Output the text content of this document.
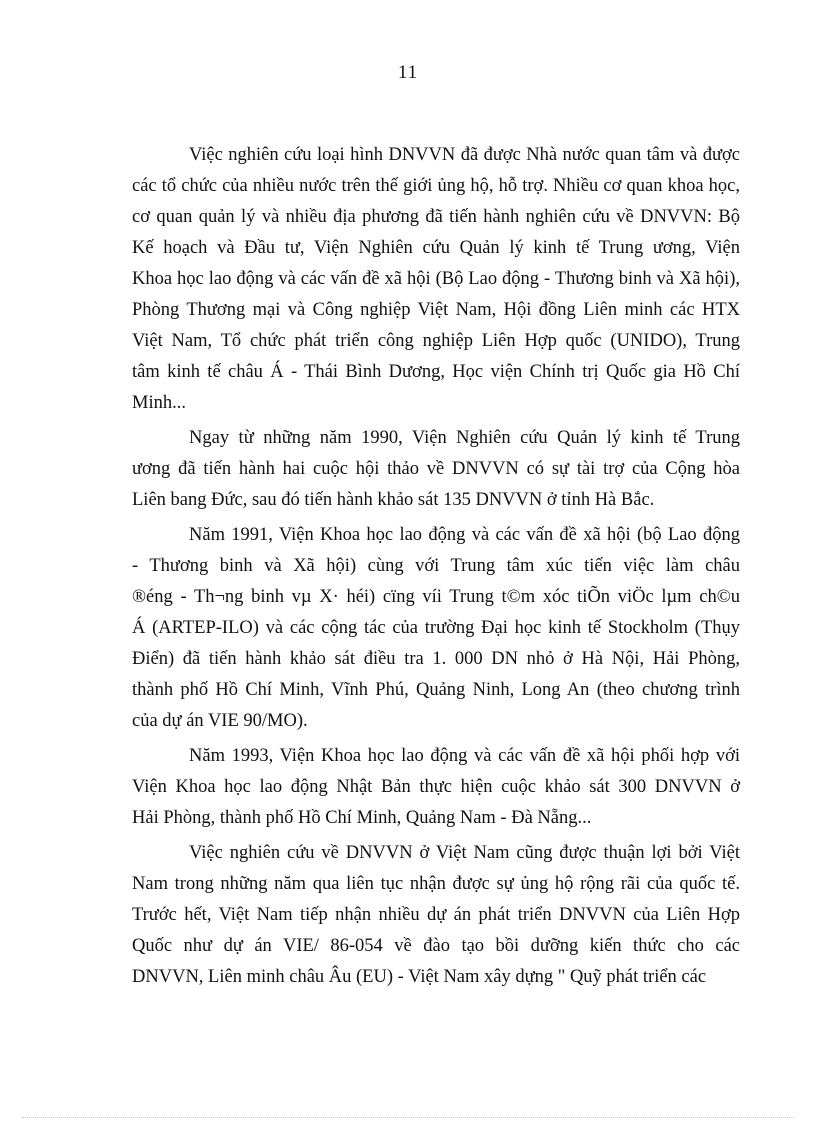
11

Việc nghiên cứu loại hình DNVVN đã được Nhà nước quan tâm và được
các tổ chức của nhiều nước trên thế giới ủng hộ, hỗ trợ. Nhiều cơ quan khoa học,
cơ quan quản lý và nhiều địa phương đã tiến hành nghiên cứu về DNVVN: Bộ
Kế hoạch và Đầu tư, Viện Nghiên cứu Quản lý kinh tế Trung ương, Viện
Khoa học lao động và các vấn đề xã hội (Bộ Lao động - Thương binh và Xã hội),
Phòng Thương mại và Công nghiệp Việt Nam, Hội đồng Liên minh các HTX
Việt Nam, Tổ chức phát triển công nghiệp Liên Hợp quốc (UNIDO), Trung
tâm kinh tế châu Á - Thái Bình Dương, Học viện Chính trị Quốc gia Hồ Chí
Minh...

Ngay từ những năm 1990, Viện Nghiên cứu Quản lý kinh tế Trung
ương đã tiến hành hai cuộc hội thảo về DNVVN có sự tài trợ của Cộng hòa
Liên bang Đức, sau đó tiến hành khảo sát 135 DNVVN ở tỉnh Hà Bắc.

Năm 1991, Viện Khoa học lao động và các vấn đề xã hội (bộ Lao động
- Thương binh và Xã hội) cùng với Trung tâm xúc tiến việc làm châu
®éng - Th¬ng binh vµ X· héi) cïng víi Trung t©m xóc tiÕn viÖc lµm ch©u
Á (ARTEP-ILO) và các cộng tác của trường Đại học kinh tế Stockholm (Thụy
Điển) đã tiến hành khảo sát điều tra 1. 000 DN nhỏ ở Hà Nội, Hải Phòng,
thành phố Hồ Chí Minh, Vĩnh Phú, Quảng Ninh, Long An (theo chương trình
của dự án VIE 90/MO).

Năm 1993, Viện Khoa học lao động và các vấn đề xã hội phối hợp với
Viện Khoa học lao động Nhật Bản thực hiện cuộc khảo sát 300 DNVVN ở
Hải Phòng, thành phố Hồ Chí Minh, Quảng Nam - Đà Nẵng...

Việc nghiên cứu về DNVVN ở Việt Nam cũng được thuận lợi bởi Việt
Nam trong những năm qua liên tục nhận được sự ủng hộ rộng rãi của quốc tế.
Trước hết, Việt Nam tiếp nhận nhiều dự án phát triển DNVVN của Liên Hợp
Quốc như dự án VIE/ 86-054 về đào tạo bồi dưỡng kiến thức cho các
DNVVN, Liên minh châu Âu (EU) - Việt Nam xây dựng " Quỹ phát triển các
